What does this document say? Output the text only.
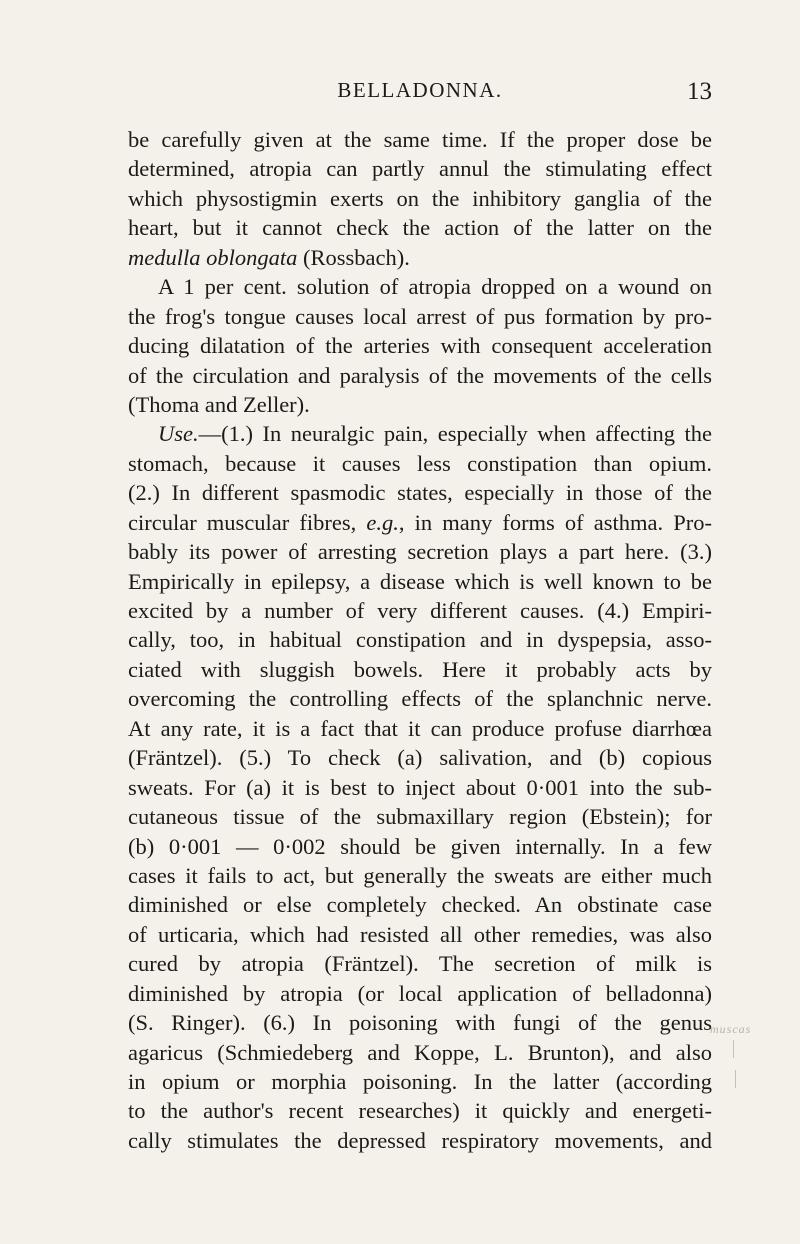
BELLADONNA.	13
be carefully given at the same time. If the proper dose be
determined, atropia can partly annul the stimulating effect
which physostigmin exerts on the inhibitory ganglia of the
heart, but it cannot check the action of the latter on the
medulla oblongata (Rossbach).
A 1 per cent. solution of atropia dropped on a wound on
the frog's tongue causes local arrest of pus formation by pro-
ducing dilatation of the arteries with consequent acceleration
of the circulation and paralysis of the movements of the cells
(Thoma and Zeller).
Use.—(1.) In neuralgic pain, especially when affecting the
stomach, because it causes less constipation than opium.
(2.) In different spasmodic states, especially in those of the
circular muscular fibres, e.g., in many forms of asthma. Pro-
bably its power of arresting secretion plays a part here. (3.)
Empirically in epilepsy, a disease which is well known to be
excited by a number of very different causes. (4.) Empiri-
cally, too, in habitual constipation and in dyspepsia, asso-
ciated with sluggish bowels. Here it probably acts by
overcoming the controlling effects of the splanchnic nerve.
At any rate, it is a fact that it can produce profuse diarrhœa
(Fräntzel). (5.) To check (a) salivation, and (b) copious
sweats. For (a) it is best to inject about 0·001 into the sub-
cutaneous tissue of the submaxillary region (Ebstein); for
(b) 0·001 — 0·002 should be given internally. In a few
cases it fails to act, but generally the sweats are either much
diminished or else completely checked. An obstinate case
of urticaria, which had resisted all other remedies, was also
cured by atropia (Fräntzel). The secretion of milk is
diminished by atropia (or local application of belladonna)
(S. Ringer). (6.) In poisoning with fungi of the genus
agaricus (Schmiedeberg and Koppe, L. Brunton), and also
in opium or morphia poisoning. In the latter (according
to the author's recent researches) it quickly and energeti-
cally stimulates the depressed respiratory movements, and
muscas
